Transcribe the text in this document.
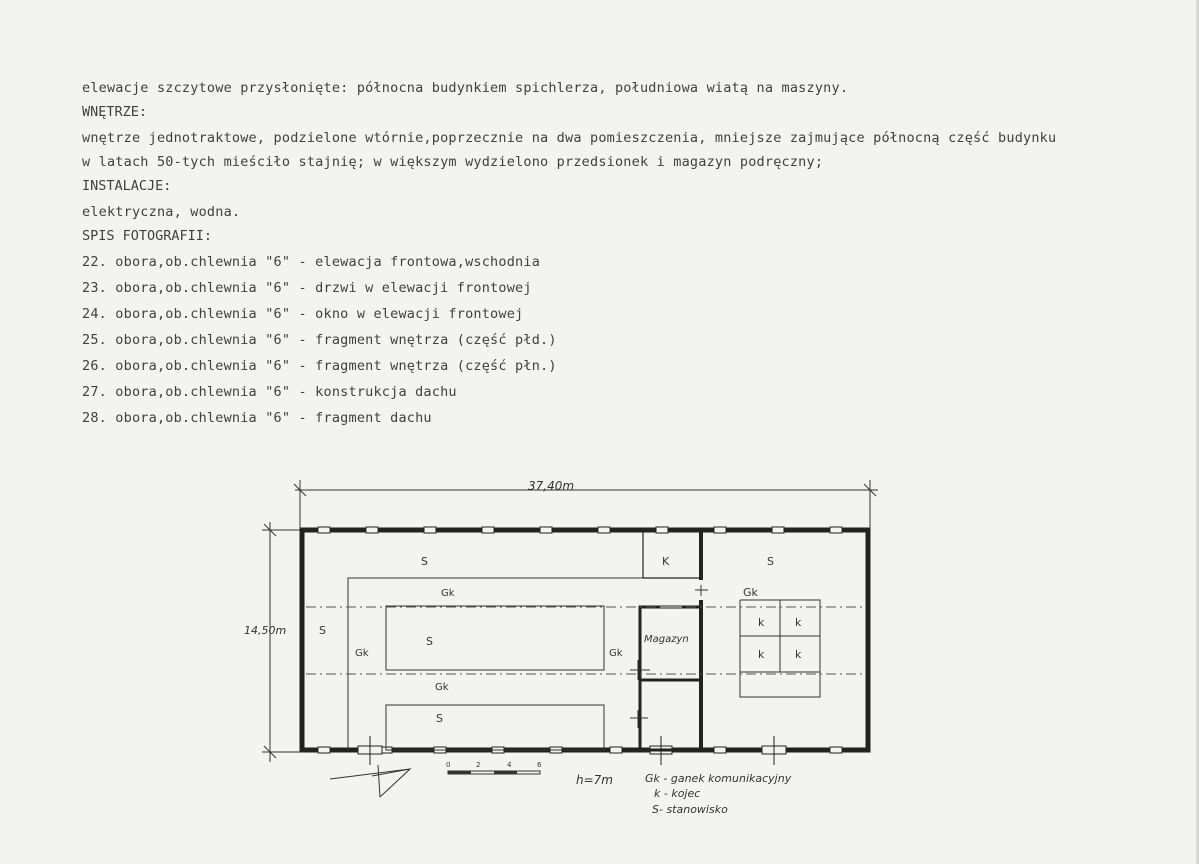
elewacje szczytowe przysłonięte: północna budynkiem spichlerza, południowa wiatą na maszyny.
WNĘTRZE:
wnętrze jednotraktowe, podzielone wtórnie,poprzecznie na dwa pomieszczenia, mniejsze zajmujące północną część budynku
w latach 50-tych mieściło stajnię; w większym wydzielono przedsionek i magazyn podręczny;
INSTALACJE:
elektryczna, wodna.
SPIS FOTOGRAFII:
22. obora,ob.chlewnia "6" - elewacja frontowa,wschodnia
23. obora,ob.chlewnia "6" - drzwi w elewacji frontowej
24. obora,ob.chlewnia "6" - okno w elewacji frontowej
25. obora,ob.chlewnia "6" - fragment wnętrza (część płd.)
26. obora,ob.chlewnia "6" - fragment wnętrza (część płn.)
27. obora,ob.chlewnia "6" - konstrukcja dachu
28. obora,ob.chlewnia "6" - fragment dachu
37,40m
14,50m
S	K	S
Gk	Gk
S
S
Gk	Gk
Magazyn
k	k
k	k
Gk
S
0	2	4	6
h=7m	Gk - ganek komunikacyjny
k - kojec
S- stanowisko
